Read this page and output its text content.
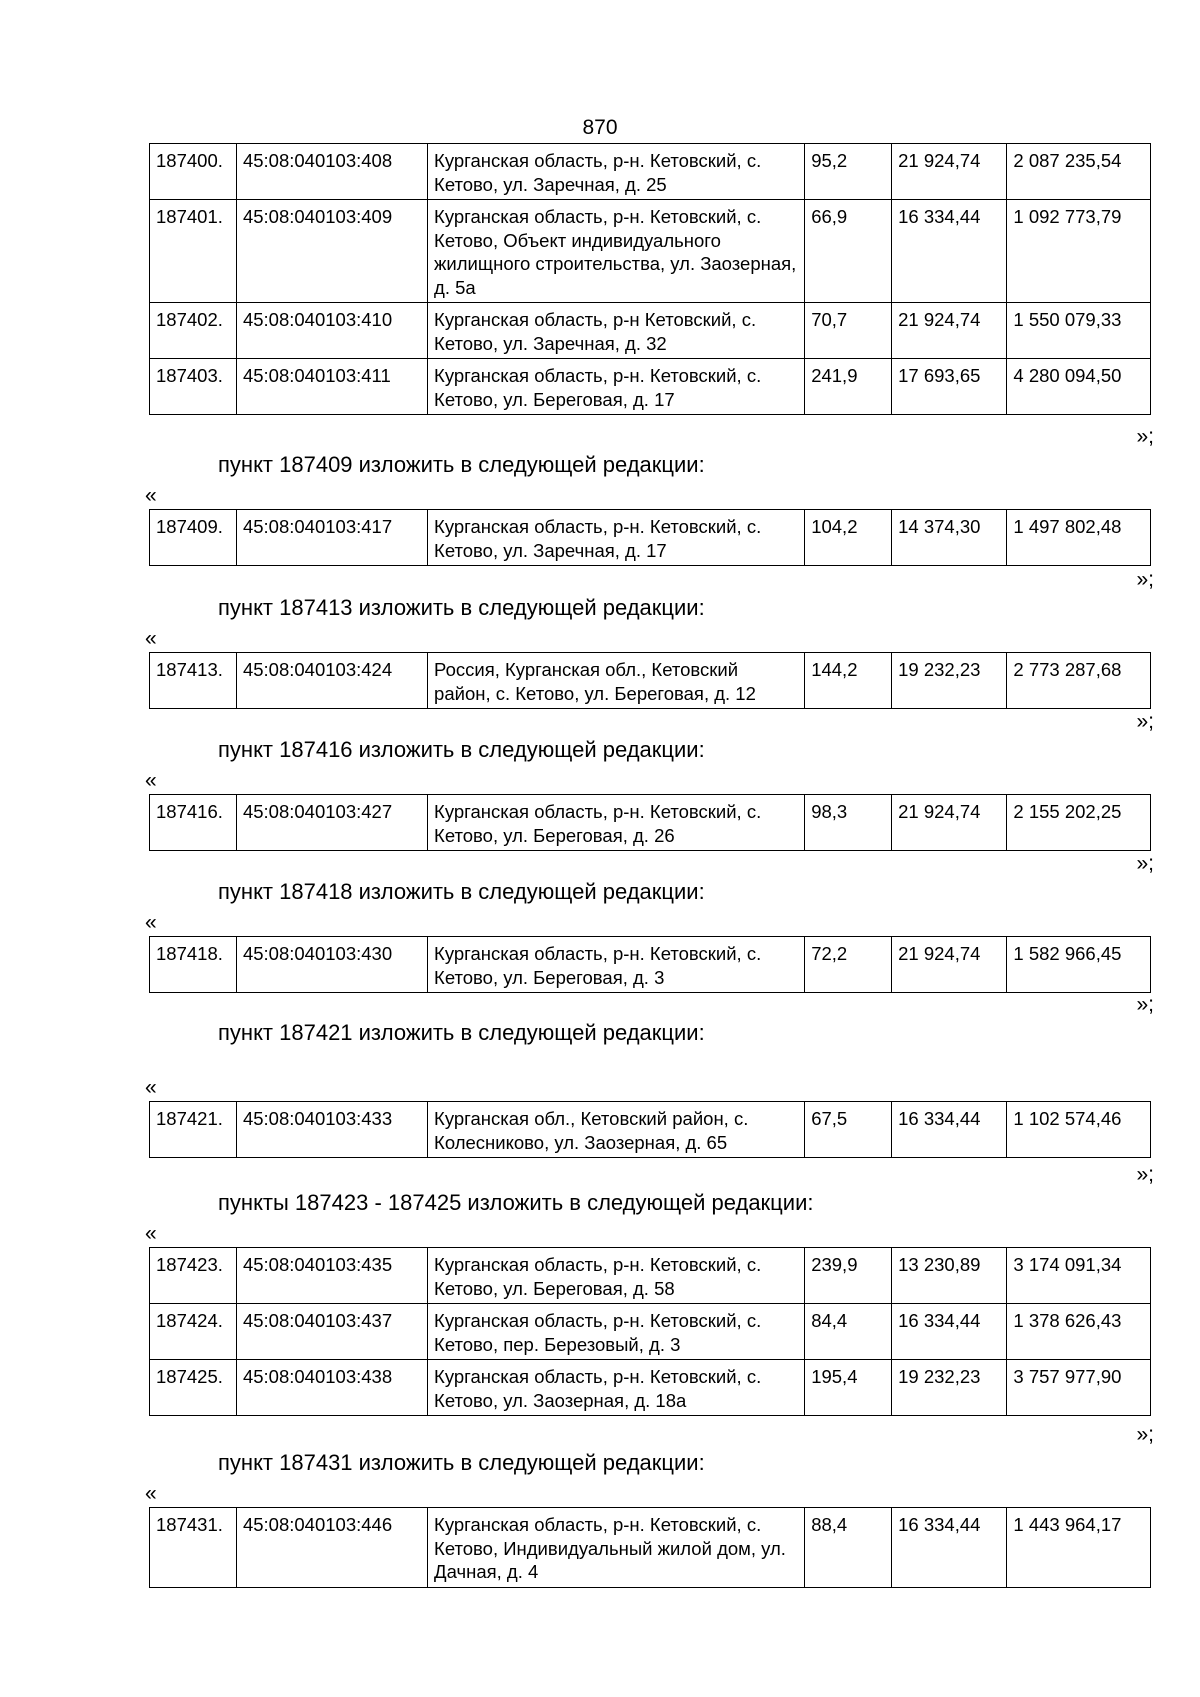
870
187400.	45:08:040103:408	Курганская область, р-н. Кетовский, с. Кетово, ул. Заречная, д. 25	95,2	21 924,74	2 087 235,54
187401.	45:08:040103:409	Курганская область, р-н. Кетовский, с. Кетово, Объект индивидуального жилищного строительства, ул. Заозерная, д. 5а	66,9	16 334,44	1 092 773,79
187402.	45:08:040103:410	Курганская область, р-н Кетовский, с. Кетово, ул. Заречная, д. 32	70,7	21 924,74	1 550 079,33
187403.	45:08:040103:411	Курганская область, р-н. Кетовский, с. Кетово, ул. Береговая, д. 17	241,9	17 693,65	4 280 094,50
»;
пункт 187409 изложить в следующей редакции:
«
187409.	45:08:040103:417	Курганская область, р-н. Кетовский, с. Кетово, ул. Заречная, д. 17	104,2	14 374,30	1 497 802,48
»;
пункт 187413 изложить в следующей редакции:
«
187413.	45:08:040103:424	Россия, Курганская обл., Кетовский район, с. Кетово, ул. Береговая, д. 12	144,2	19 232,23	2 773 287,68
»;
пункт 187416 изложить в следующей редакции:
«
187416.	45:08:040103:427	Курганская область, р-н. Кетовский, с. Кетово, ул. Береговая, д. 26	98,3	21 924,74	2 155 202,25
»;
пункт 187418 изложить в следующей редакции:
«
187418.	45:08:040103:430	Курганская область, р-н. Кетовский, с. Кетово, ул. Береговая, д. 3	72,2	21 924,74	1 582 966,45
»;
пункт 187421 изложить в следующей редакции:
«
187421.	45:08:040103:433	Курганская обл., Кетовский район, с. Колесниково, ул. Заозерная, д. 65	67,5	16 334,44	1 102 574,46
»;
пункты 187423 - 187425 изложить в следующей редакции:
«
187423.	45:08:040103:435	Курганская область, р-н. Кетовский, с. Кетово, ул. Береговая, д. 58	239,9	13 230,89	3 174 091,34
187424.	45:08:040103:437	Курганская область, р-н. Кетовский, с. Кетово, пер. Березовый, д. 3	84,4	16 334,44	1 378 626,43
187425.	45:08:040103:438	Курганская область, р-н. Кетовский, с. Кетово, ул. Заозерная, д. 18а	195,4	19 232,23	3 757 977,90
»;
пункт 187431 изложить в следующей редакции:
«
187431.	45:08:040103:446	Курганская область, р-н. Кетовский, с. Кетово, Индивидуальный жилой дом, ул. Дачная, д. 4	88,4	16 334,44	1 443 964,17
